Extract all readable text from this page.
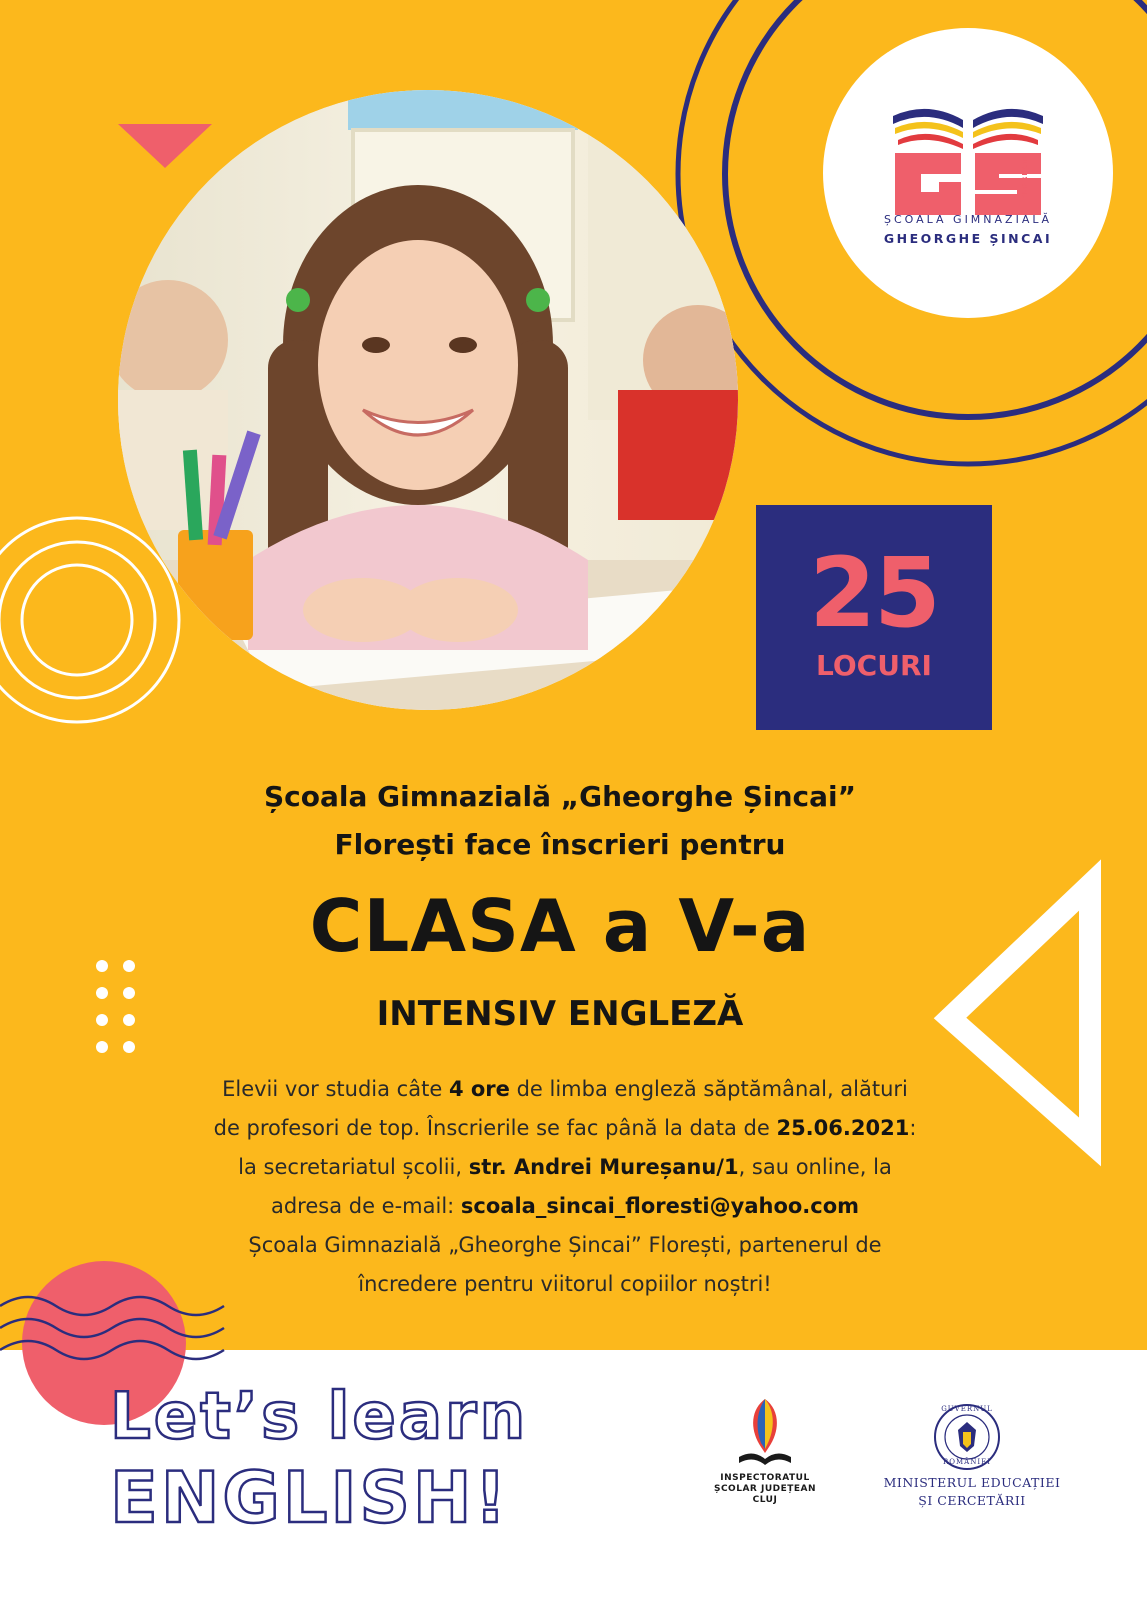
FLOREȘTI
ȘCOALA GIMNAZIALĂ
GHEORGHE ȘINCAI
25
LOCURI
Școala Gimnazială „Gheorghe Șincai”
Florești face înscrieri pentru
CLASA a V-a
INTENSIV ENGLEZĂ
Elevii vor studia câte 4 ore de limba engleză săptămânal, alături
de profesori de top. Înscrierile se fac până la data de 25.06.2021:
la secretariatul școlii, str. Andrei Mureșanu/1, sau online, la
adresa de e-mail: scoala_sincai_floresti@yahoo.com
Școala Gimnazială „Gheorghe Șincai” Florești, partenerul de
încredere pentru viitorul copiilor noștri!
Let’s learn
ENGLISH!	INSPECTORATUL
ȘCOLAR JUDEȚEAN
CLUJ
GUVERNUL
ROMÂNIEI
MINISTERUL EDUCAȚIEI
ȘI CERCETĂRII
